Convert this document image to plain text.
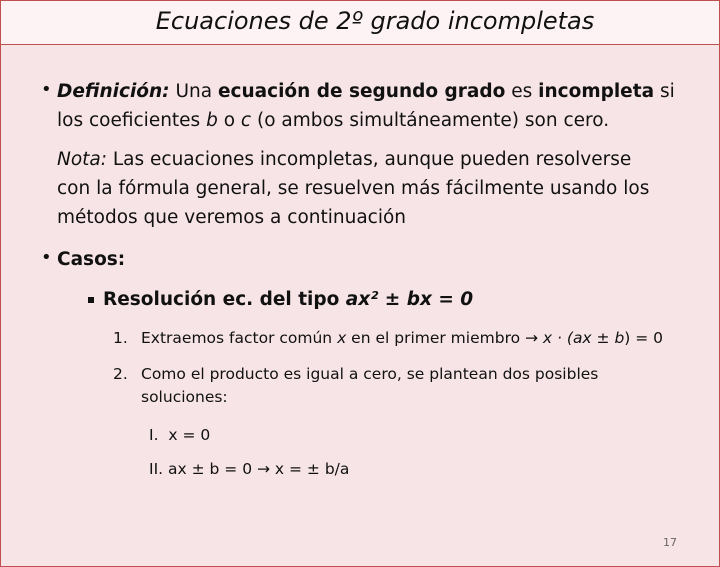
Ecuaciones de 2º grado incompletas
• Definición: Una ecuación de segundo grado es incompleta si
los coeficientes b o c (o ambos simultáneamente) son cero.
Nota: Las ecuaciones incompletas, aunque pueden resolverse
con la fórmula general, se resuelven más fácilmente usando los
métodos que veremos a continuación
• Casos:
Resolución ec. del tipo ax² ± bx = 0
1. Extraemos factor común x en el primer miembro → x · (ax ± b) = 0
2. Como el producto es igual a cero, se plantean dos posibles
soluciones:
I.  x = 0
II. ax ± b = 0 → x = ± b/a
17
